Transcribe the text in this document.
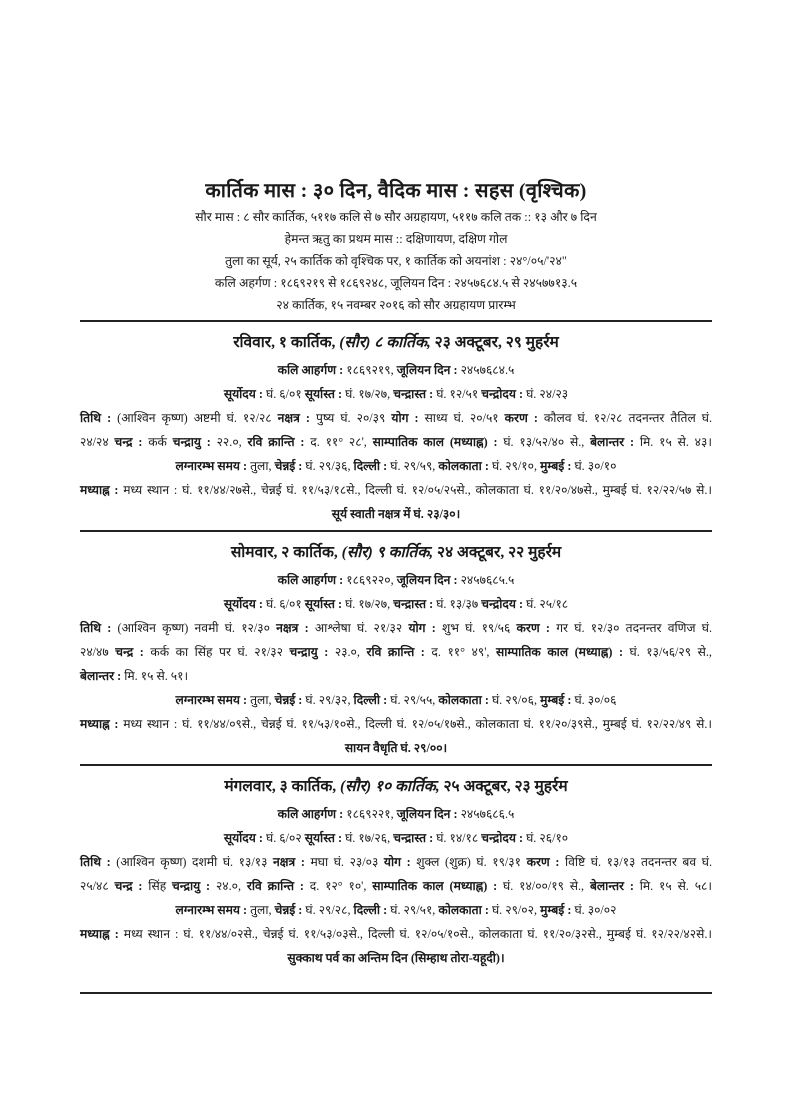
कार्तिक मास : ३० दिन, वैदिक मास : सहस (वृश्चिक)
सौर मास : ८ सौर कार्तिक, ५११७ कलि से ७ सौर अग्रहायण, ५११७ कलि तक :: १३ और ७ दिन
हेमन्त ऋतु का प्रथम मास :: दक्षिणायण, दक्षिण गोल
तुला का सूर्य, २५ कार्तिक को वृश्चिक पर, १ कार्तिक को अयनांश : २४°/०५/'२४"
कलि अहर्गण : १८६९२१९ से १८६९२४८, जूलियन दिन : २४५७६८४.५ से २४५७७१३.५
२४ कार्तिक, १५ नवम्बर २०१६ को सौर अग्रहायण प्रारम्भ
रविवार, १ कार्तिक, (सौर) ८ कार्तिक, २३ अक्टूबर, २९ मुहर्रम
कलि आहर्गण : १८६९२१९, जूलियन दिन : २४५७६८४.५
सूर्योदय : घं. ६/०१ सूर्यास्त : घं. १७/२७, चन्द्रास्त : घं. १२/५१ चन्द्रोदय : घं. २४/२३
तिथि : (आश्विन कृष्ण) अष्टमी घं. १२/२८ नक्षत्र : पुष्य घं. २०/३९ योग : साध्य घं. २०/५१ करण : कौलव घं. १२/२८ तदनन्तर तैतिल घं.
२४/२४ चन्द्र : कर्क चन्द्रायु : २२.०, रवि क्रान्ति : द. ११° २८', साम्पातिक काल (मध्याह्न) : घं. १३/५२/४० से., बेलान्तर : मि. १५ से. ४३।
लग्नारम्भ समय : तुला, चेन्नई : घं. २९/३६, दिल्ली : घं. २९/५९, कोलकाता : घं. २९/१०, मुम्बई : घं. ३०/१०
मध्याह्न : मध्य स्थान : घं. ११/४४/२७से., चेन्नई घं. ११/५३/१८से., दिल्ली घं. १२/०५/२५से., कोलकाता घं. ११/२०/४७से., मुम्बई घं. १२/२२/५७ से.।
सूर्य स्वाती नक्षत्र में घं. २३/३०।
सोमवार, २ कार्तिक, (सौर) ९ कार्तिक, २४ अक्टूबर, २२ मुहर्रम
कलि आहर्गण : १८६९२२०, जूलियन दिन : २४५७६८५.५
सूर्योदय : घं. ६/०१ सूर्यास्त : घं. १७/२७, चन्द्रास्त : घं. १३/३७ चन्द्रोदय : घं. २५/१८
तिथि : (आश्विन कृष्ण) नवमी घं. १२/३० नक्षत्र : आश्लेषा घं. २१/३२ योग : शुभ घं. १९/५६ करण : गर घं. १२/३० तदनन्तर वणिज घं.
२४/४७ चन्द्र : कर्क का सिंह पर घं. २१/३२ चन्द्रायु : २३.०, रवि क्रान्ति : द. ११° ४९', साम्पातिक काल (मध्याह्न) : घं. १३/५६/२९ से.,
बेलान्तर : मि. १५ से. ५१।
लग्नारम्भ समय : तुला, चेन्नई : घं. २९/३२, दिल्ली : घं. २९/५५, कोलकाता : घं. २९/०६, मुम्बई : घं. ३०/०६
मध्याह्न : मध्य स्थान : घं. ११/४४/०९से., चेन्नई घं. ११/५३/१०से., दिल्ली घं. १२/०५/१७से., कोलकाता घं. ११/२०/३९से., मुम्बई घं. १२/२२/४९ से.।
सायन वैधृति घं. २९/००।
मंगलवार, ३ कार्तिक, (सौर) १० कार्तिक, २५ अक्टूबर, २३ मुहर्रम
कलि आहर्गण : १८६९२२१, जूलियन दिन : २४५७६८६.५
सूर्योदय : घं. ६/०२ सूर्यास्त : घं. १७/२६, चन्द्रास्त : घं. १४/१८ चन्द्रोदय : घं. २६/१०
तिथि : (आश्विन कृष्ण) दशमी घं. १३/१३ नक्षत्र : मघा घं. २३/०३ योग : शुक्ल (शुक्र) घं. १९/३१ करण : विष्टि घं. १३/१३ तदनन्तर बव घं.
२५/४८ चन्द्र : सिंह चन्द्रायु : २४.०, रवि क्रान्ति : द. १२° १०', साम्पातिक काल (मध्याह्न) : घं. १४/००/१९ से., बेलान्तर : मि. १५ से. ५८।
लग्नारम्भ समय : तुला, चेन्नई : घं. २९/२८, दिल्ली : घं. २९/५१, कोलकाता : घं. २९/०२, मुम्बई : घं. ३०/०२
मध्याह्न : मध्य स्थान : घं. ११/४४/०२से., चेन्नई घं. ११/५३/०३से., दिल्ली घं. १२/०५/१०से., कोलकाता घं. ११/२०/३२से., मुम्बई घं. १२/२२/४२से.।
सुक्काथ पर्व का अन्तिम दिन (सिम्हाथ तोरा-यहूदी)।
